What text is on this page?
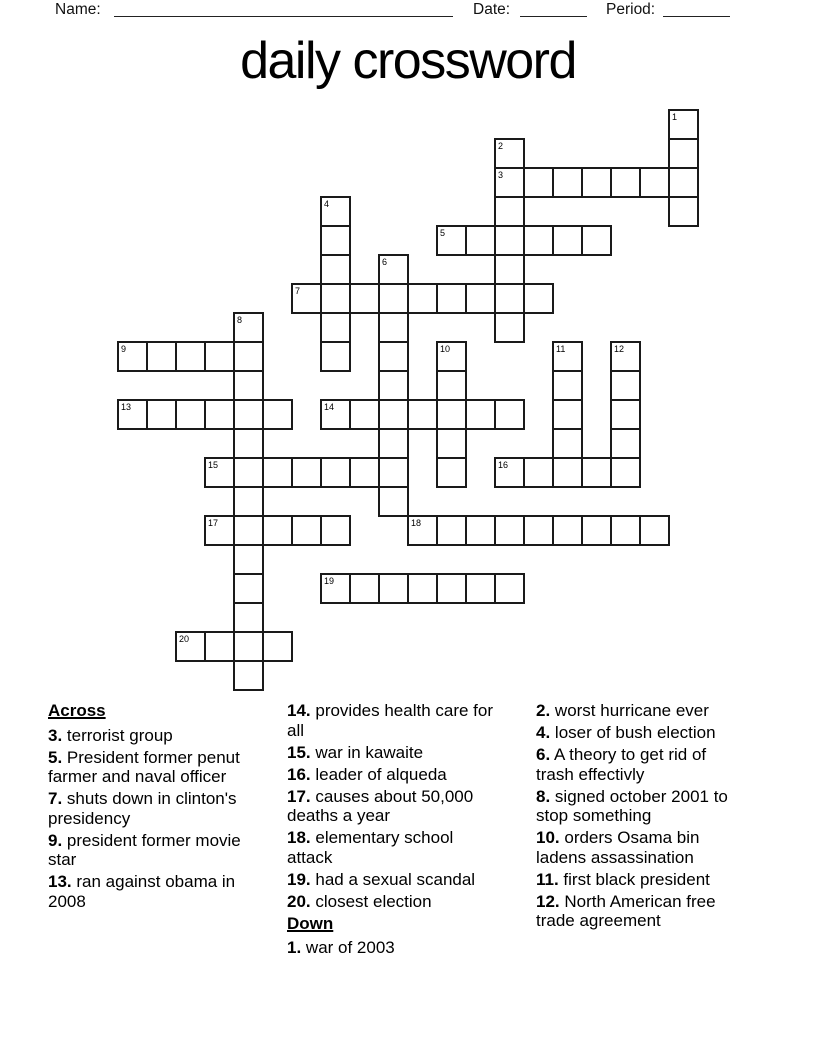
Name:	Date:	Period:
daily crossword
1
2
3
4
5
6
7
8
9	10	11	12
13	14
15	16
17	18
19
20
Across
3. terrorist group
5. President former penut farmer and naval officer
7. shuts down in clinton's presidency
9. president former movie star
13. ran against obama in 2008
14. provides health care for all
15. war in kawaite
16. leader of alqueda
17. causes about 50,000 deaths a year
18. elementary school attack
19. had a sexual scandal
20. closest election
Down
1. war of 2003
2. worst hurricane ever
4. loser of bush election
6. A theory to get rid of trash effectivly
8. signed october 2001 to stop something
10. orders Osama bin ladens assassination
11. first black president
12. North American free trade agreement
